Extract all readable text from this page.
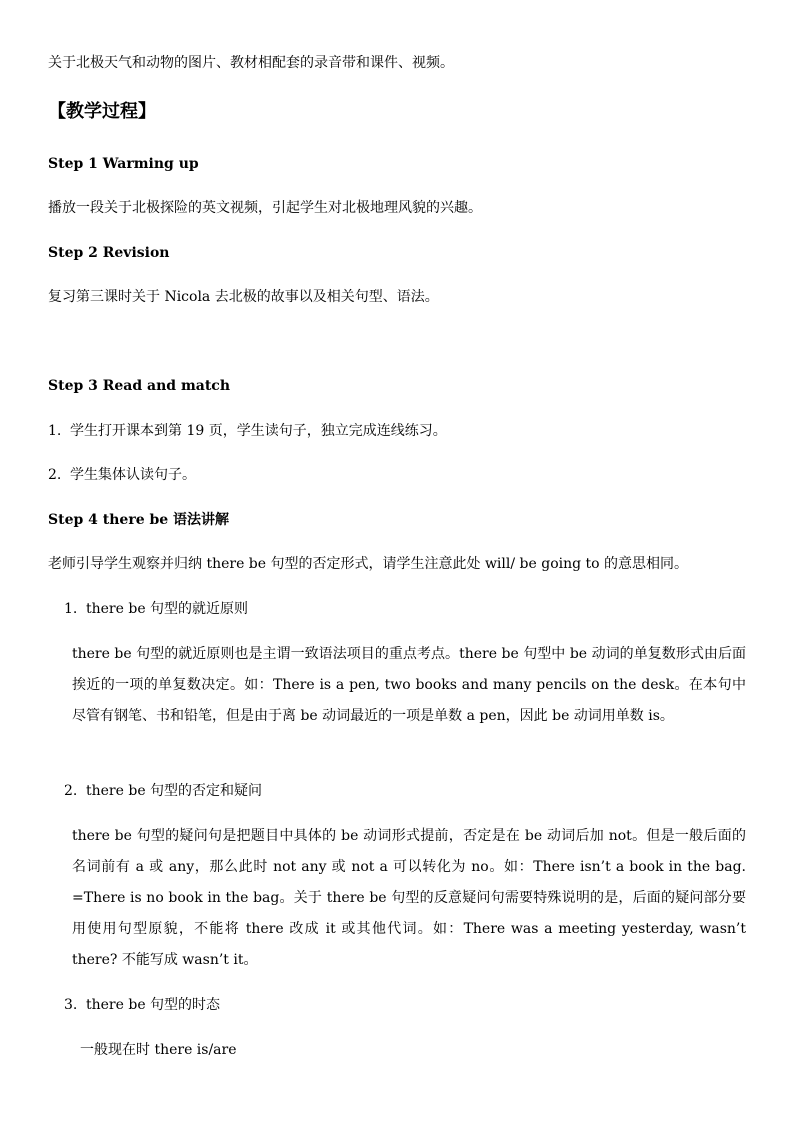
关于北极天气和动物的图片、教材相配套的录音带和课件、视频。
【教学过程】
Step 1 Warming up
播放一段关于北极探险的英文视频，引起学生对北极地理风貌的兴趣。
Step 2 Revision
复习第三课时关于 Nicola 去北极的故事以及相关句型、语法。
Step 3 Read and match
1. 学生打开课本到第 19 页，学生读句子，独立完成连线练习。
2. 学生集体认读句子。
Step 4 there be 语法讲解
老师引导学生观察并归纳 there be 句型的否定形式，请学生注意此处 will/ be going to 的意思相同。
1. there be 句型的就近原则
there be 句型的就近原则也是主谓一致语法项目的重点考点。there be 句型中 be 动词的单复数形式由后面挨近的一项的单复数决定。如：There is a pen, two books and many pencils on the desk。在本句中尽管有钢笔、书和铅笔，但是由于离 be 动词最近的一项是单数 a pen，因此 be 动词用单数 is。
2. there be 句型的否定和疑问
there be 句型的疑问句是把题目中具体的 be 动词形式提前，否定是在 be 动词后加 not。但是一般后面的名词前有 a 或 any，那么此时 not any 或 not a 可以转化为 no。如：There isn’t a book in the bag. =There is no book in the bag。关于 there be 句型的反意疑问句需要特殊说明的是，后面的疑问部分要用使用句型原貌，不能将 there 改成 it 或其他代词。如：There was a meeting yesterday, wasn’t there? 不能写成 wasn’t it。
3. there be 句型的时态
一般现在时 there is/are
